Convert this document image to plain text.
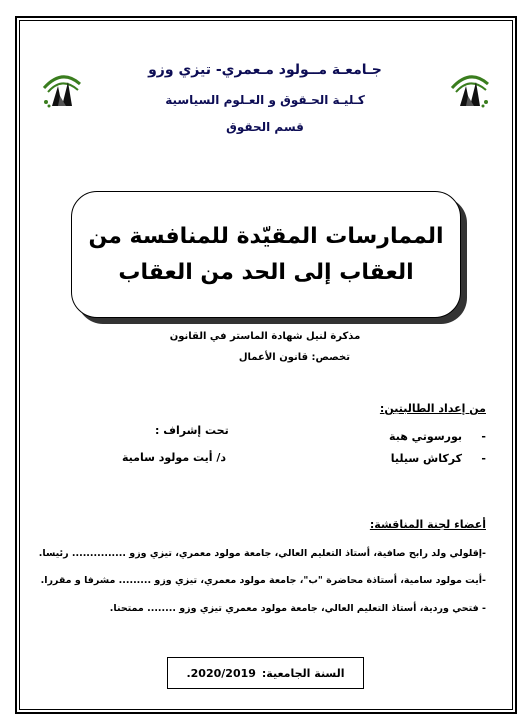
جـامعـة مــولود مـعمري- تيزي وزو
كـليـة الحـقوق و العـلوم السياسية
قسم الحقوق
الممارسات المقيّدة للمنافسة من
العقاب إلى الحد من العقاب
مذكرة لنيل شهادة الماستر في القانون
تخصص: قانون الأعمال
من إعداد الطالبتين:
-بورسوتي هبة
-كركاش سيليا
تحت إشراف :
د/ أيت مولود سامية
أعضاء لجنة المناقشة:
-إقلولي ولد رابح صافية، أستاذ التعليم العالي، جامعة مولود معمري، تيزي وزو ............... رئيسا.
-أيت مولود سامية، أستاذة محاضرة "ب"، جامعة مولود معمري، تيزي وزو ......... مشرفا و مقررا.
- فتحي وردية، أستاذ التعليم العالي، جامعة مولود معمري تيزي وزو ........ ممتحنا.
السنة الجامعية:
2020/2019.
